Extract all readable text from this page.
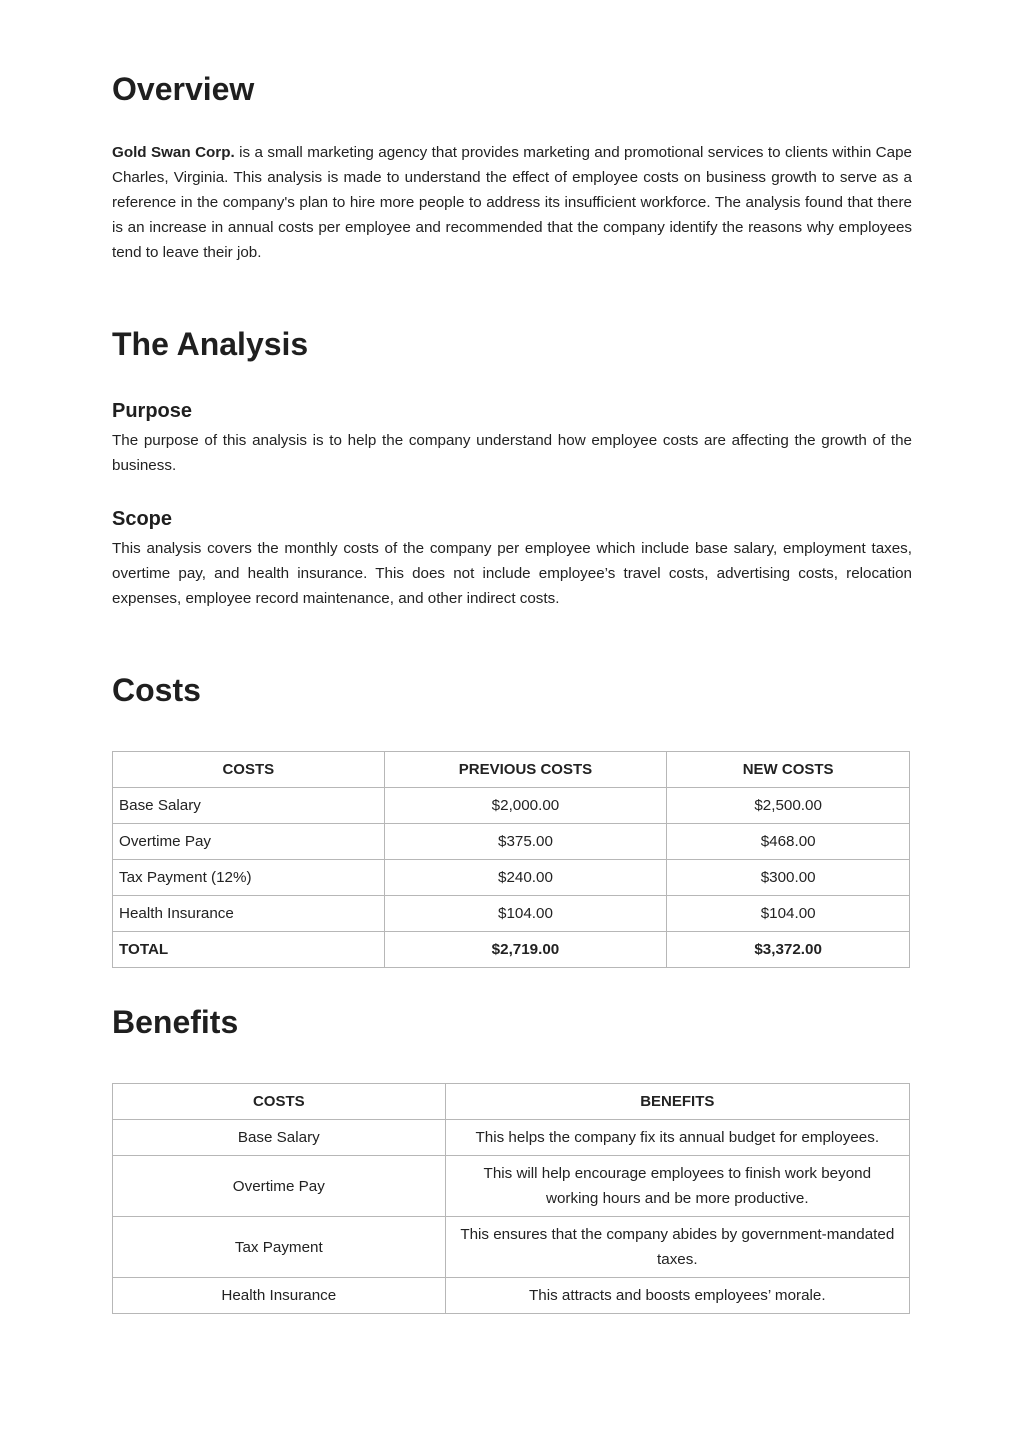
Overview

Gold Swan Corp. is a small marketing agency that provides marketing and promotional services to clients within Cape Charles, Virginia. This analysis is made to understand the effect of employee costs on business growth to serve as a reference in the company's plan to hire more people to address its insufficient workforce. The analysis found that there is an increase in annual costs per employee and recommended that the company identify the reasons why employees tend to leave their job.

The Analysis
Purpose

The purpose of this analysis is to help the company understand how employee costs are affecting the growth of the business.

Scope

This analysis covers the monthly costs of the company per employee which include base salary, employment taxes, overtime pay, and health insurance. This does not include employee’s travel costs, advertising costs, relocation expenses, employee record maintenance, and other indirect costs.

Costs
COSTS	PREVIOUS COSTS	NEW COSTS
Base Salary	$2,000.00	$2,500.00
Overtime Pay	$375.00	$468.00
Tax Payment (12%)	$240.00	$300.00
Health Insurance	$104.00	$104.00
TOTAL	$2,719.00	$3,372.00
Benefits
COSTS	BENEFITS
Base Salary	This helps the company fix its annual budget for employees.
Overtime Pay	This will help encourage employees to finish work beyond working hours and be more productive.
Tax Payment	This ensures that the company abides by government-mandated taxes.
Health Insurance	This attracts and boosts employees’ morale.
